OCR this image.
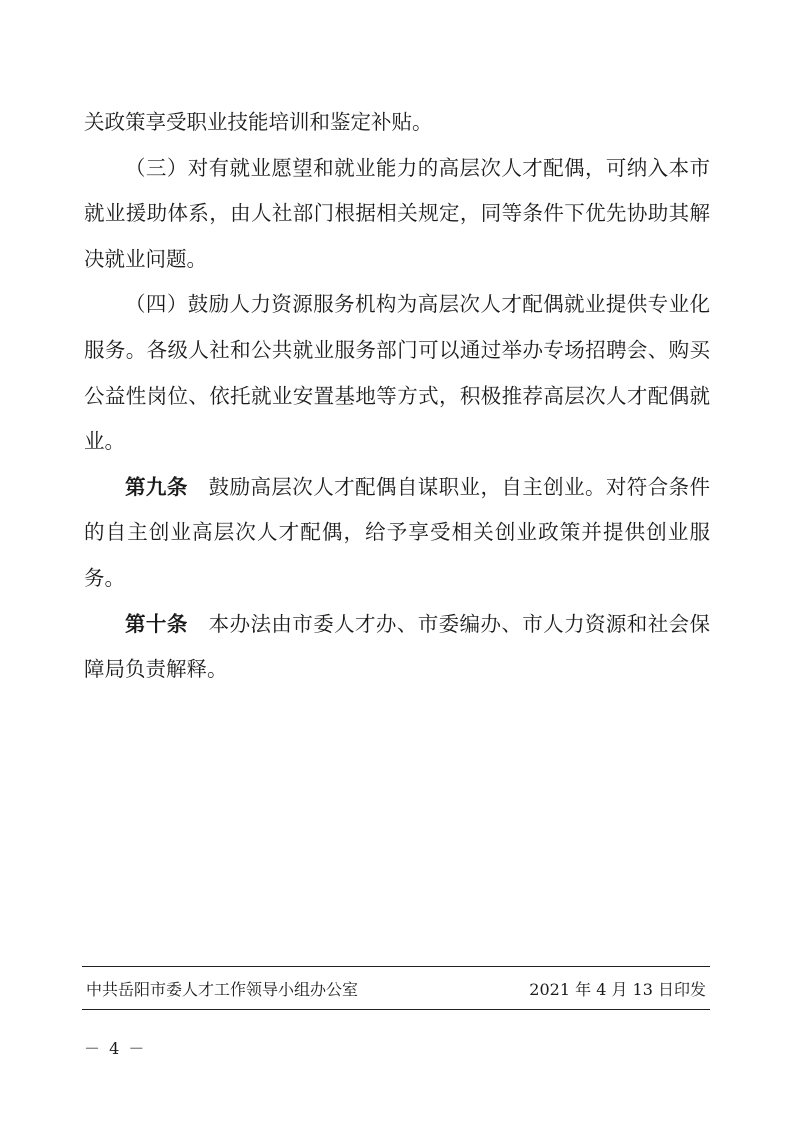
关政策享受职业技能培训和鉴定补贴。

（三）对有就业愿望和就业能力的高层次人才配偶，可纳入本市就业援助体系，由人社部门根据相关规定，同等条件下优先协助其解决就业问题。

（四）鼓励人力资源服务机构为高层次人才配偶就业提供专业化服务。各级人社和公共就业服务部门可以通过举办专场招聘会、购买公益性岗位、依托就业安置基地等方式，积极推荐高层次人才配偶就业。

第九条　 鼓励高层次人才配偶自谋职业，自主创业。对符合条件的自主创业高层次人才配偶，给予享受相关创业政策并提供创业服务。

第十条　 本办法由市委人才办、市委编办、市人力资源和社会保障局负责解释。

中共岳阳市委人才工作领导小组办公室	2021 年 4 月 13 日印发
－ 4 －
